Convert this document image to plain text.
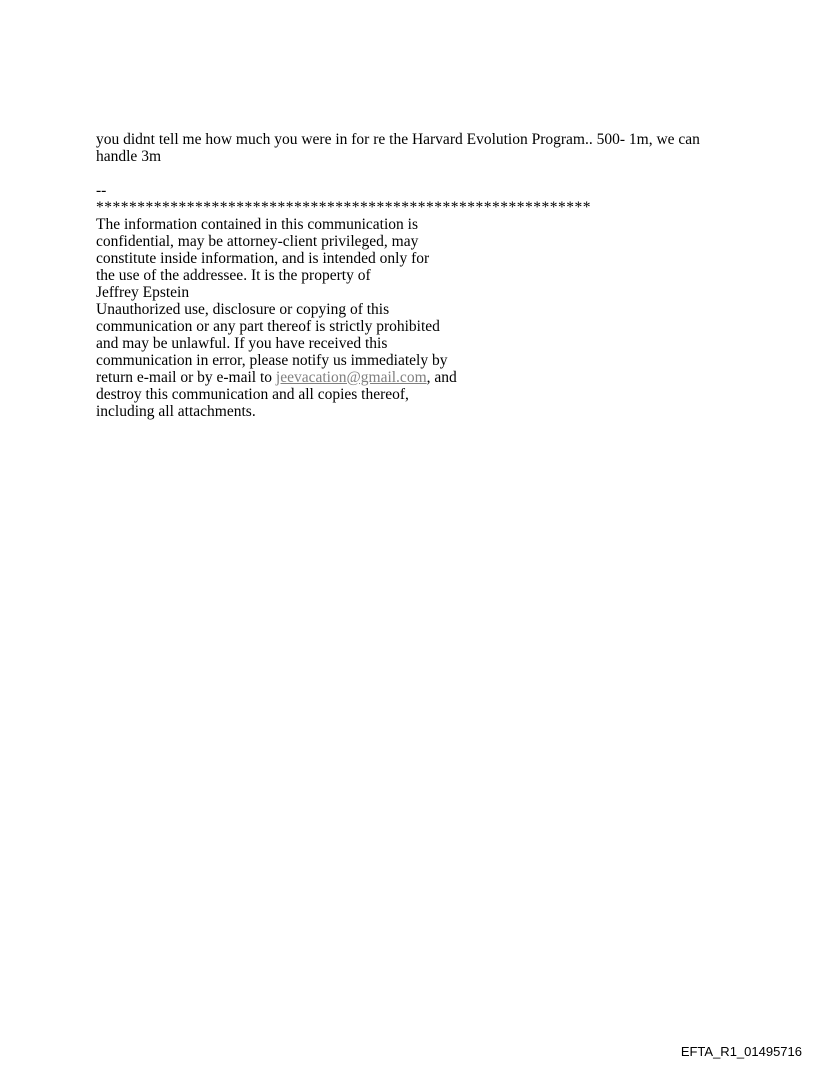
you didnt tell me how much you were in for re the Harvard Evolution Program.. 500- 1m, we can handle 3m

--
************************************************************
The information contained in this communication is
confidential, may be attorney-client privileged, may
constitute inside information, and is intended only for
the use of the addressee. It is the property of
Jeffrey Epstein
Unauthorized use, disclosure or copying of this
communication or any part thereof is strictly prohibited
and may be unlawful. If you have received this
communication in error, please notify us immediately by
return e-mail or by e-mail to jeevacation@gmail.com, and
destroy this communication and all copies thereof,
including all attachments.
EFTA_R1_01495716
